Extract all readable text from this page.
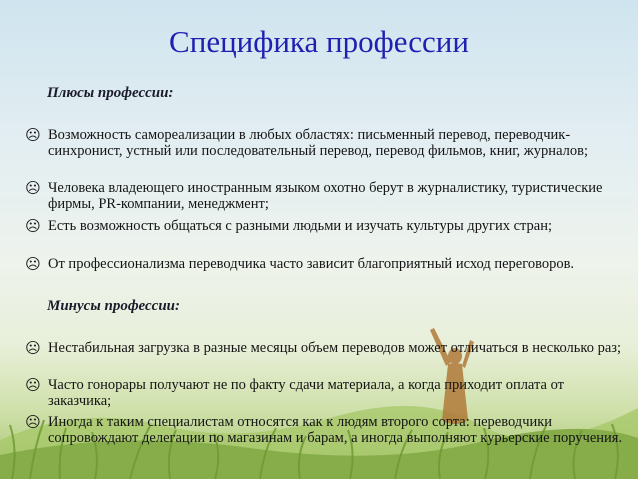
Специфика профессии
Плюсы профессии:
☹ Возможность самореализации в любых областях: письменный перевод, переводчик-синхронист, устный или последовательный перевод, перевод фильмов, книг, журналов;
☹ Человека владеющего иностранным языком охотно берут в журналистику, туристические фирмы, PR-компании, менеджмент;
☹ Есть возможность общаться с разными людьми и изучать культуры других стран;
☹ От профессионализма переводчика часто зависит благоприятный исход переговоров.
Минусы профессии:
☹ Нестабильная загрузка в разные месяцы объем переводов может отличаться в несколько раз;
☹ Часто гонорары получают не по факту сдачи материала, а когда приходит оплата от заказчика;
☹ Иногда к таким специалистам относятся как к людям второго сорта: переводчики сопровождают делегации по магазинам и барам, а иногда выполняют курьерские поручения.
